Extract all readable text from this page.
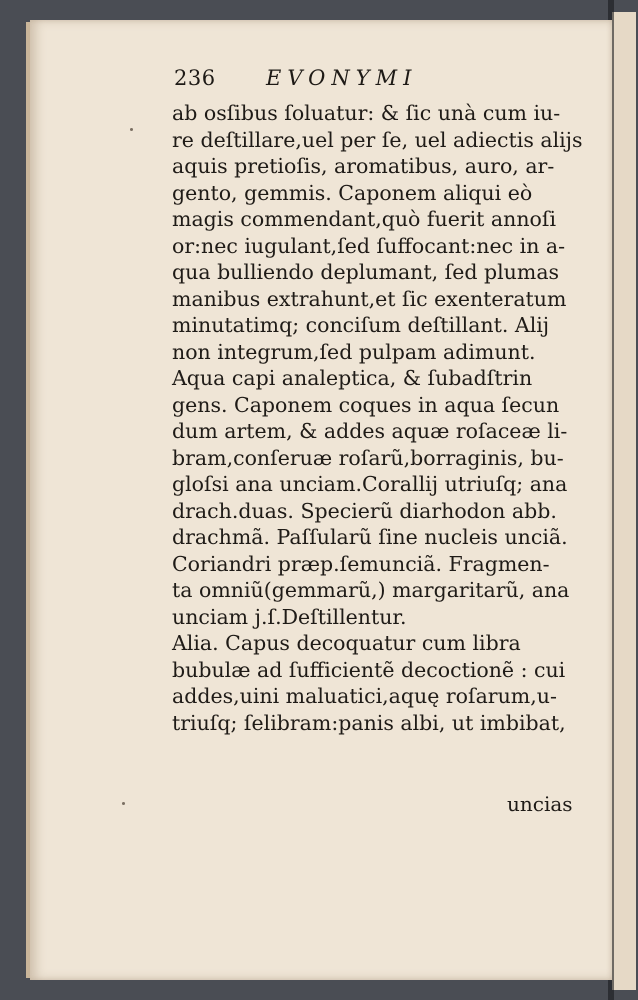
236 EVONYMI
ab osſibus ſoluatur: & ſic unà cum iu-
re deſtillare,uel per ſe, uel adiectis alijs
aquis pretioſis, aromatibus, auro, ar-
gento, gemmis. Caponem aliqui eò
magis commendant,quò fuerit annoſi
or:nec iugulant,ſed ſuffocant:nec in a-
qua bulliendo deplumant, ſed plumas
manibus extrahunt,et ſic exenteratum
minutatimq; conciſum deſtillant. Alij
non integrum,ſed pulpam adimunt.
Aqua capi analeptica, & ſubadſtrin
gens. Caponem coques in aqua ſecun
dum artem, & addes aquæ roſaceæ li-
bram,conſeruæ roſarũ,borraginis, bu-
gloſsi ana unciam.Corallij utriuſq; ana
drach.duas. Specierũ diarhodon abb.
drachmã. Paſſularũ ſine nucleis unciã.
Coriandri præp.ſemunciã. Fragmen-
ta omniũ(gemmarũ,) margaritarũ, ana
unciam j.ſ.Deſtillentur.
Alia. Capus decoquatur cum libra
bubulæ ad ſufficientẽ decoctionẽ : cui
addes,uini maluatici,aquę roſarum,u-
triuſq; ſelibram:panis albi, ut imbibat,
uncias
